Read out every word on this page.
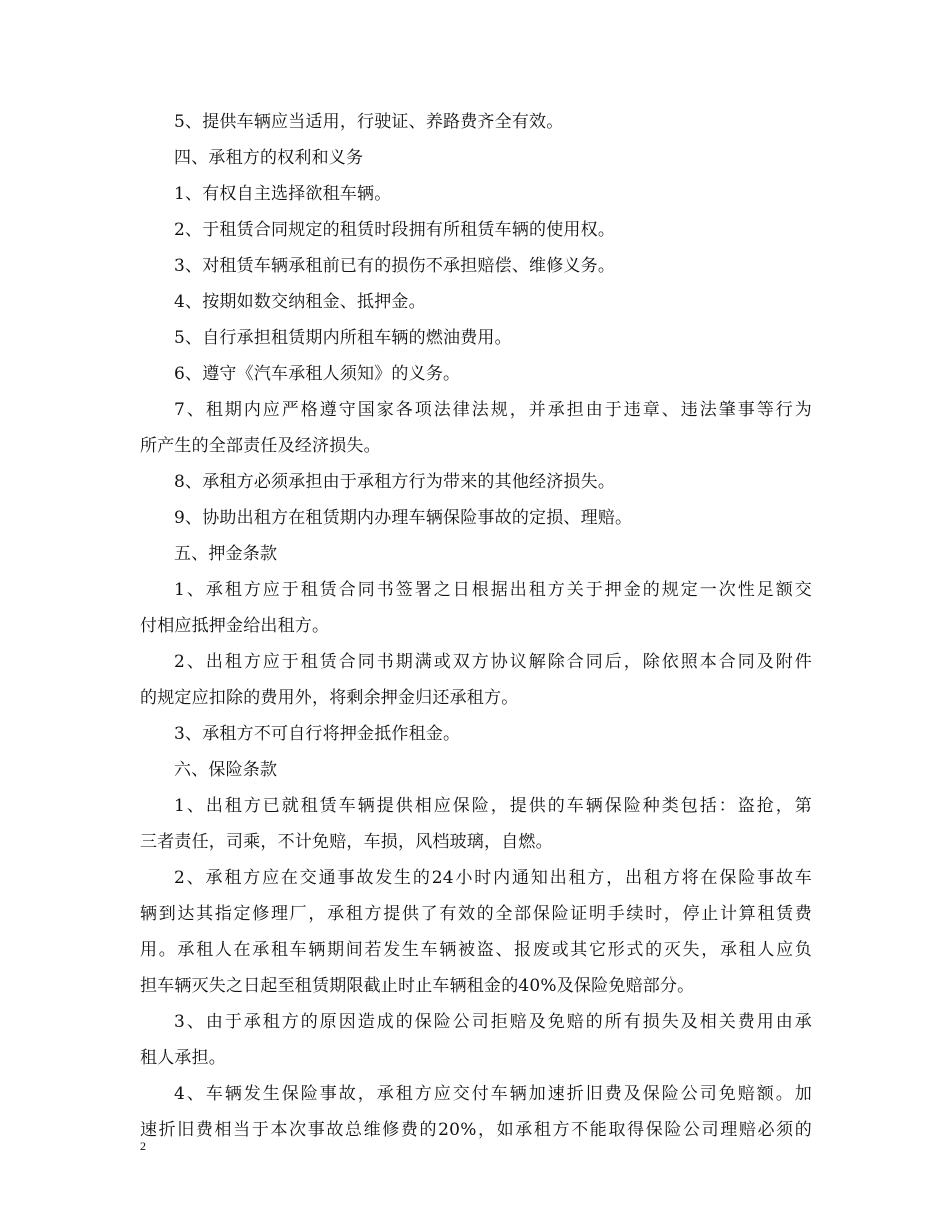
5、提供车辆应当适用，行驶证、养路费齐全有效。
四、承租方的权利和义务
1、有权自主选择欲租车辆。
2、于租赁合同规定的租赁时段拥有所租赁车辆的使用权。
3、对租赁车辆承租前已有的损伤不承担赔偿、维修义务。
4、按期如数交纳租金、抵押金。
5、自行承担租赁期内所租车辆的燃油费用。
6、遵守《汽车承租人须知》的义务。
7、租期内应严格遵守国家各项法律法规，并承担由于违章、违法肇事等行为
所产生的全部责任及经济损失。
8、承租方必须承担由于承租方行为带来的其他经济损失。
9、协助出租方在租赁期内办理车辆保险事故的定损、理赔。
五、押金条款
1、承租方应于租赁合同书签署之日根据出租方关于押金的规定一次性足额交
付相应抵押金给出租方。
2、出租方应于租赁合同书期满或双方协议解除合同后，除依照本合同及附件
的规定应扣除的费用外，将剩余押金归还承租方。
3、承租方不可自行将押金抵作租金。
六、保险条款
1、出租方已就租赁车辆提供相应保险，提供的车辆保险种类包括：盗抢，第
三者责任，司乘，不计免赔，车损，风档玻璃，自燃。
2、承租方应在交通事故发生的24小时内通知出租方，出租方将在保险事故车
辆到达其指定修理厂，承租方提供了有效的全部保险证明手续时，停止计算租赁费
用。承租人在承租车辆期间若发生车辆被盗、报废或其它形式的灭失，承租人应负
担车辆灭失之日起至租赁期限截止时止车辆租金的40%及保险免赔部分。
3、由于承租方的原因造成的保险公司拒赔及免赔的所有损失及相关费用由承
租人承担。
4、车辆发生保险事故，承租方应交付车辆加速折旧费及保险公司免赔额。加
速折旧费相当于本次事故总维修费的20%，如承租方不能取得保险公司理赔必须的
2
